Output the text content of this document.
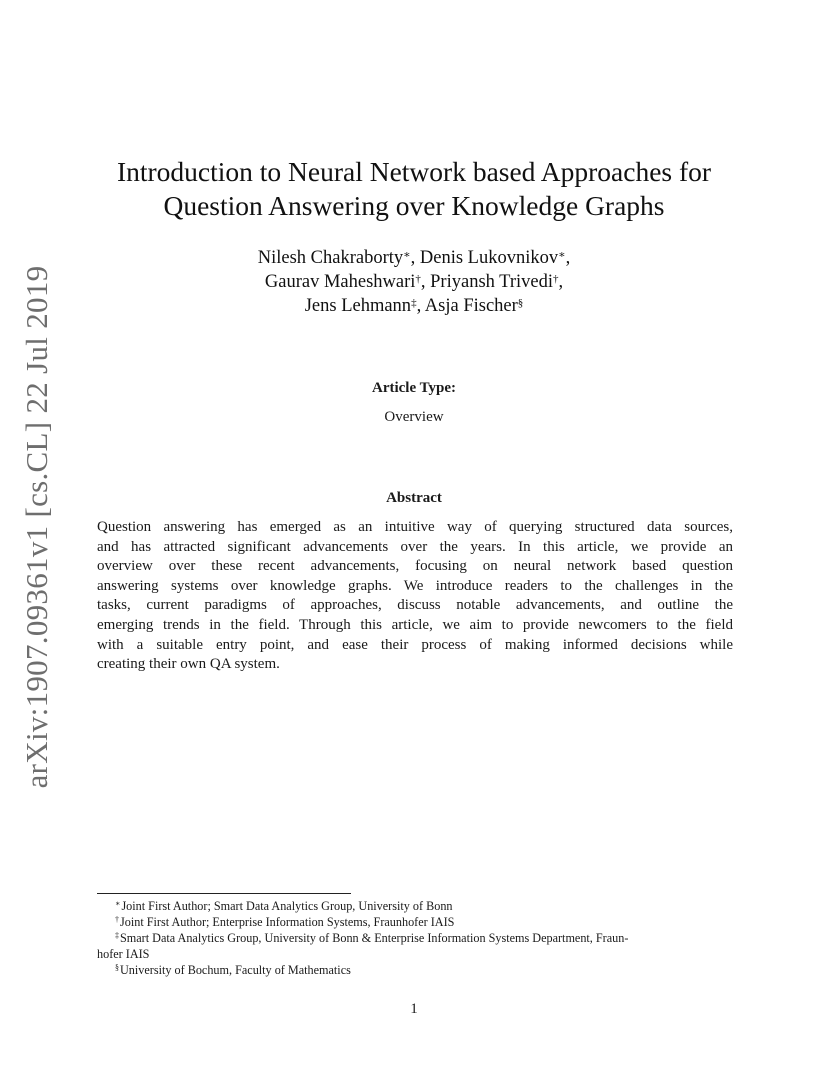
arXiv:1907.09361v1 [cs.CL] 22 Jul 2019
Introduction to Neural Network based Approaches for
Question Answering over Knowledge Graphs
Nilesh Chakraborty∗, Denis Lukovnikov∗,
Gaurav Maheshwari†, Priyansh Trivedi†,
Jens Lehmann‡, Asja Fischer§
Article Type:
Overview
Abstract
Question answering has emerged as an intuitive way of querying structured data sources,
and has attracted significant advancements over the years. In this article, we provide an
overview over these recent advancements, focusing on neural network based question
answering systems over knowledge graphs. We introduce readers to the challenges in the
tasks, current paradigms of approaches, discuss notable advancements, and outline the
emerging trends in the field. Through this article, we aim to provide newcomers to the field
with a suitable entry point, and ease their process of making informed decisions while
creating their own QA system.
∗Joint First Author; Smart Data Analytics Group, University of Bonn
†Joint First Author; Enterprise Information Systems, Fraunhofer IAIS
‡Smart Data Analytics Group, University of Bonn & Enterprise Information Systems Department, Fraun-
hofer IAIS
§University of Bochum, Faculty of Mathematics
1
